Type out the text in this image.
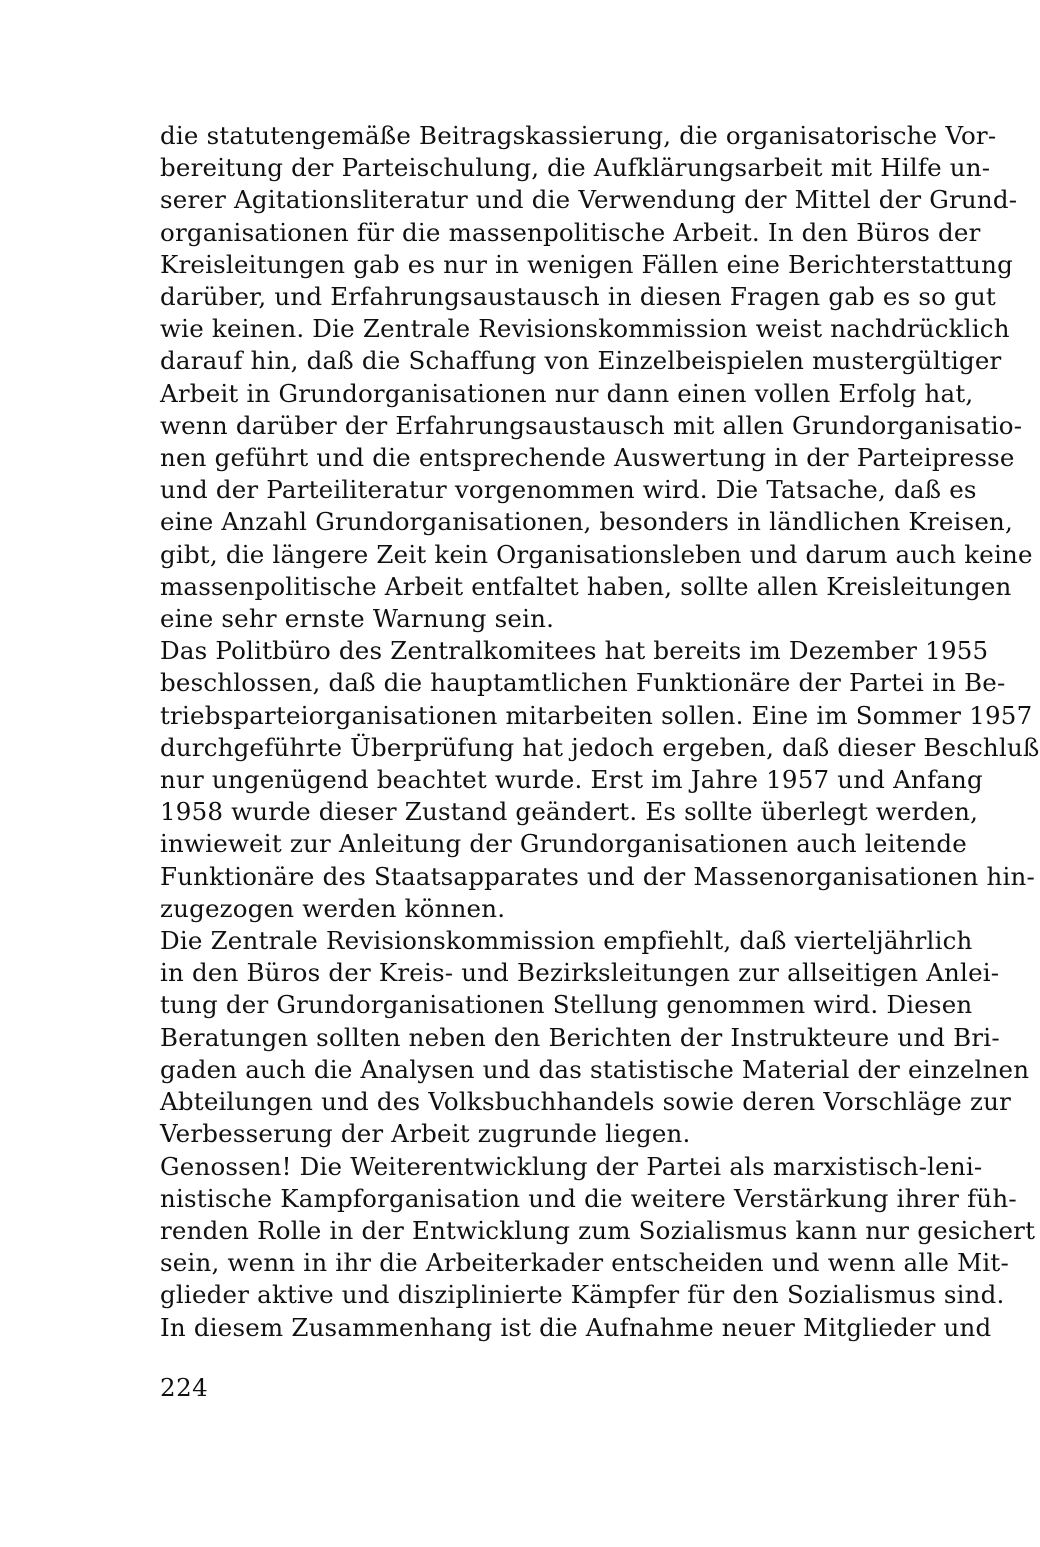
die statutengemäße Beitragskassierung, die organisatorische Vor-
bereitung der Parteischulung, die Aufklärungsarbeit mit Hilfe un-
serer Agitationsliteratur und die Verwendung der Mittel der Grund-
organisationen für die massenpolitische Arbeit. In den Büros der
Kreisleitungen gab es nur in wenigen Fällen eine Berichterstattung
darüber, und Erfahrungsaustausch in diesen Fragen gab es so gut
wie keinen. Die Zentrale Revisionskommission weist nachdrücklich
darauf hin, daß die Schaffung von Einzelbeispielen mustergültiger
Arbeit in Grundorganisationen nur dann einen vollen Erfolg hat,
wenn darüber der Erfahrungsaustausch mit allen Grundorganisatio-
nen geführt und die entsprechende Auswertung in der Parteipresse
und der Parteiliteratur vorgenommen wird. Die Tatsache, daß es
eine Anzahl Grundorganisationen, besonders in ländlichen Kreisen,
gibt, die längere Zeit kein Organisationsleben und darum auch keine
massenpolitische Arbeit entfaltet haben, sollte allen Kreisleitungen
eine sehr ernste Warnung sein.
Das Politbüro des Zentralkomitees hat bereits im Dezember 1955
beschlossen, daß die hauptamtlichen Funktionäre der Partei in Be-
triebsparteiorganisationen mitarbeiten sollen. Eine im Sommer 1957
durchgeführte Überprüfung hat jedoch ergeben, daß dieser Beschluß
nur ungenügend beachtet wurde. Erst im Jahre 1957 und Anfang
1958 wurde dieser Zustand geändert. Es sollte überlegt werden,
inwieweit zur Anleitung der Grundorganisationen auch leitende
Funktionäre des Staatsapparates und der Massenorganisationen hin-
zugezogen werden können.
Die Zentrale Revisionskommission empfiehlt, daß vierteljährlich
in den Büros der Kreis- und Bezirksleitungen zur allseitigen Anlei-
tung der Grundorganisationen Stellung genommen wird. Diesen
Beratungen sollten neben den Berichten der Instrukteure und Bri-
gaden auch die Analysen und das statistische Material der einzelnen
Abteilungen und des Volksbuchhandels sowie deren Vorschläge zur
Verbesserung der Arbeit zugrunde liegen.
Genossen! Die Weiterentwicklung der Partei als marxistisch-leni-
nistische Kampforganisation und die weitere Verstärkung ihrer füh-
renden Rolle in der Entwicklung zum Sozialismus kann nur gesichert
sein, wenn in ihr die Arbeiterkader entscheiden und wenn alle Mit-
glieder aktive und disziplinierte Kämpfer für den Sozialismus sind.
In diesem Zusammenhang ist die Aufnahme neuer Mitglieder und
224
